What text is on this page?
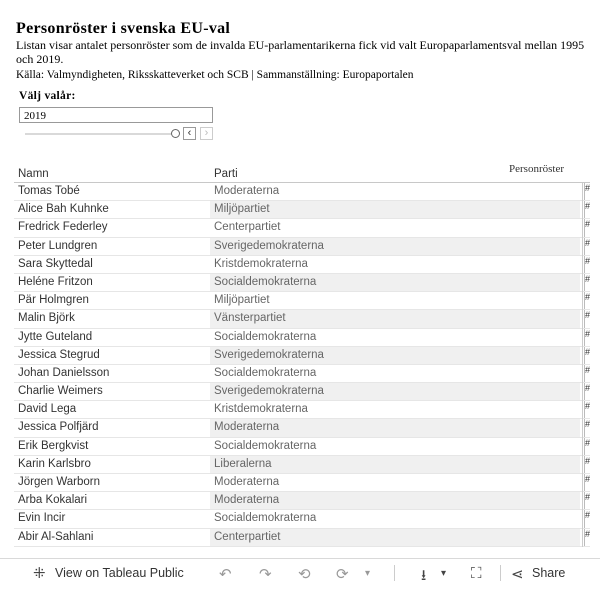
Personröster i svenska EU-val
Listan visar antalet personröster som de invalda EU-parlamentarikerna fick vid valt Europaparlamentsval mellan 1995 och 2019.
Källa: Valmyndigheten, Riksskatteverket och SCB | Sammanställning: Europaportalen
Välj valår:
2019
‹	›
Personröster
Namn	Parti
Tomas Tobé	Moderaterna	#
Alice Bah Kuhnke	Miljöpartiet	#
Fredrick Federley	Centerpartiet	#
Peter Lundgren	Sverigedemokraterna	#
Sara Skyttedal	Kristdemokraterna	#
Heléne Fritzon	Socialdemokraterna	#
Pär Holmgren	Miljöpartiet	#
Malin Björk	Vänsterpartiet	#
Jytte Guteland	Socialdemokraterna	#
Jessica Stegrud	Sverigedemokraterna	#
Johan Danielsson	Socialdemokraterna	#
Charlie Weimers	Sverigedemokraterna	#
David Lega	Kristdemokraterna	#
Jessica Polfjärd	Moderaterna	#
Erik Bergkvist	Socialdemokraterna	#
Karin Karlsbro	Liberalerna	#
Jörgen Warborn	Moderaterna	#
Arba Kokalari	Moderaterna	#
Evin Incir	Socialdemokraterna	#
Abir Al-Sahlani	Centerpartiet	#
⁜ View on Tableau Public ↶ ↷ ⟲ ⟳ ▾	⭳ ▾ ⛶ ⋖ Share
